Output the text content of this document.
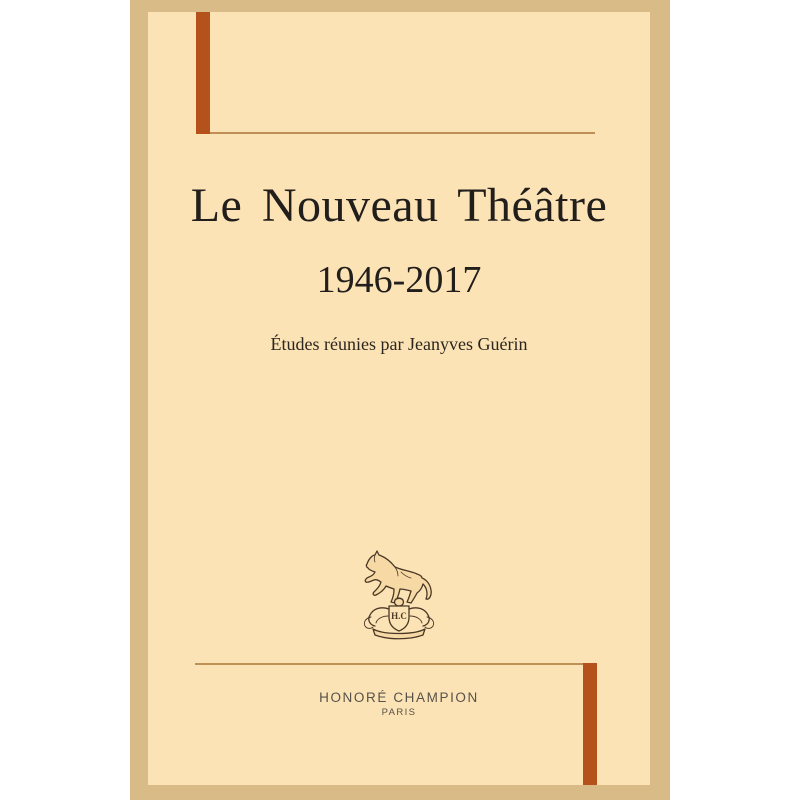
Le Nouveau Théâtre
1946-2017
Études réunies par Jeanyves Guérin
H.C
HONORÉ CHAMPION
PARIS
